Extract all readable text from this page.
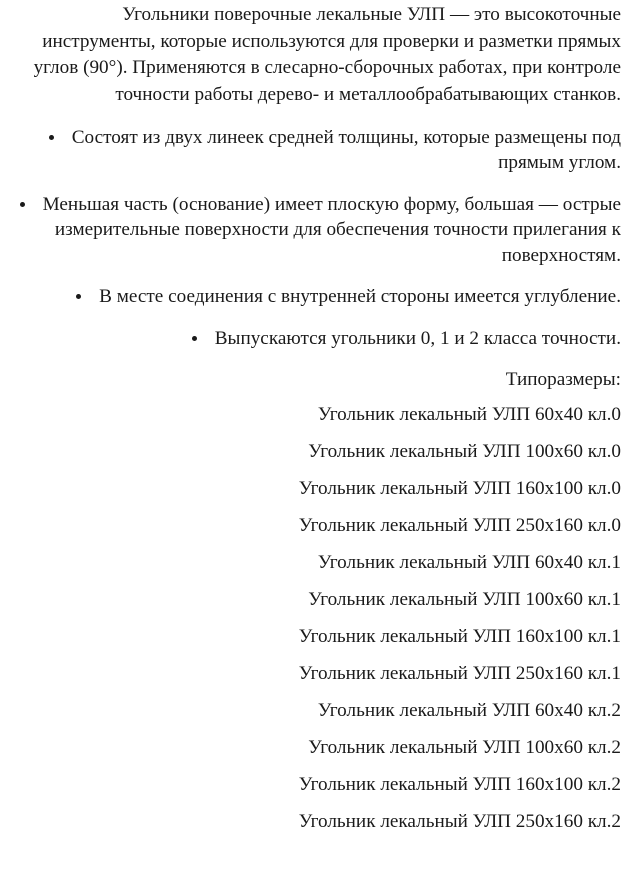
Угольники поверочные лекальные УЛП — это высокоточные инструменты, которые используются для проверки и разметки прямых углов (90°). Применяются в слесарно-сборочных работах, при контроле точности работы дерево- и металлообрабатывающих станков.

Состоят из двух линеек средней толщины, которые размещены под прямым углом.
Меньшая часть (основание) имеет плоскую форму, большая — острые измерительные поверхности для обеспечения точности прилегания к поверхностям.
В месте соединения с внутренней стороны имеется углубление.
Выпускаются угольники 0, 1 и 2 класса точности.

Типоразмеры:

Угольник лекальный УЛП 60х40 кл.0
Угольник лекальный УЛП 100х60 кл.0
Угольник лекальный УЛП 160х100 кл.0
Угольник лекальный УЛП 250х160 кл.0
Угольник лекальный УЛП 60х40 кл.1
Угольник лекальный УЛП 100х60 кл.1
Угольник лекальный УЛП 160х100 кл.1
Угольник лекальный УЛП 250х160 кл.1
Угольник лекальный УЛП 60х40 кл.2
Угольник лекальный УЛП 100х60 кл.2
Угольник лекальный УЛП 160х100 кл.2
Угольник лекальный УЛП 250х160 кл.2
